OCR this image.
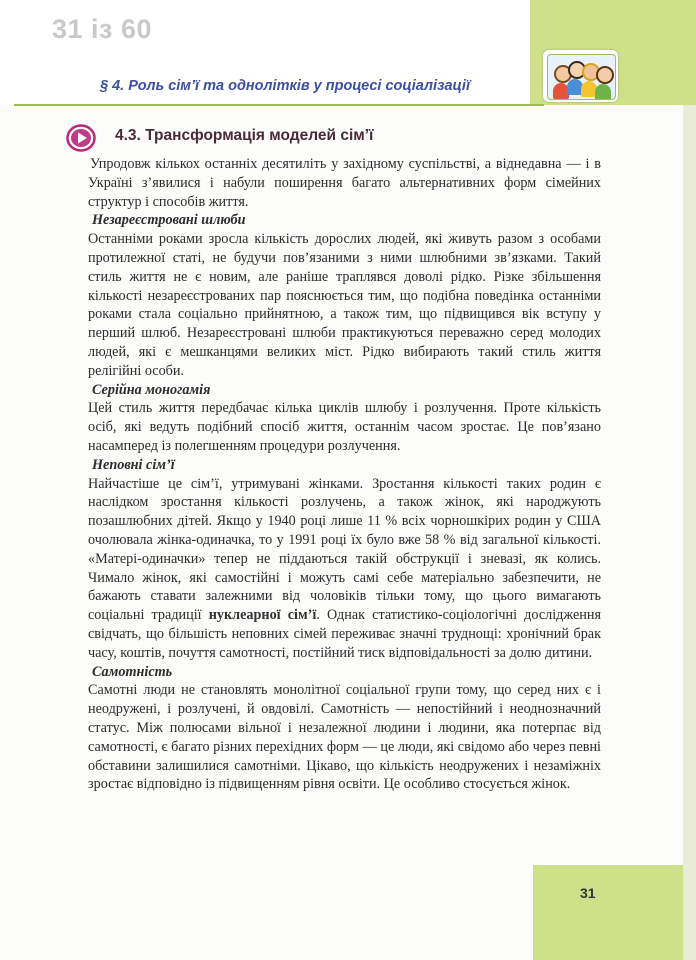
31 із 60
§ 4. Роль сім’ї та однолітків у процесі соціалізації
4.3. Трансформація моделей сім’ї

Упродовж кількох останніх десятиліть у західному суспільстві, а віднедавна — і в Україні з’явилися і набули поширення багато альтернативних форм сімейних структур і способів життя.

Незареєстровані шлюби

Останніми роками зросла кількість дорослих людей, які живуть разом з особами протилежної статі, не будучи пов’язаними з ними шлюбними зв’язками. Такий стиль життя не є новим, але раніше траплявся доволі рідко. Різке збільшення кількості незареєстрованих пар пояснюється тим, що подібна поведінка останніми роками стала соціально прийнятною, а також тим, що підвищився вік вступу у перший шлюб. Незареєстровані шлюби практикуються переважно серед молодих людей, які є мешканцями великих міст. Рідко вибирають такий стиль життя релігійні особи.

Серійна моногамія

Цей стиль життя передбачає кілька циклів шлюбу і розлучення. Проте кількість осіб, які ведуть подібний спосіб життя, останнім часом зростає. Це пов’язано насамперед із полегшенням процедури розлучення.

Неповні сім’ї

Найчастіше це сім’ї, утримувані жінками. Зростання кількості таких родин є наслідком зростання кількості розлучень, а також жінок, які народжують позашлюбних дітей. Якщо у 1940 році лише 11 % всіх чорношкірих родин у США очолювала жінка-одиначка, то у 1991 році їх було вже 58 % від загальної кількості. «Матері-одиначки» тепер не піддаються такій обструкції і зневазі, як колись. Чимало жінок, які самостійні і можуть самі себе матеріально забезпечити, не бажають ставати залежними від чоловіків тільки тому, що цього вимагають соціальні традиції нуклеарної сім’ї. Однак статистико-соціологічні дослідження свідчать, що більшість неповних сімей переживає значні труднощі: хронічний брак часу, коштів, почуття самотності, постійний тиск відповідальності за долю дитини.

Самотність

Самотні люди не становлять монолітної соціальної групи тому, що серед них є і неодружені, і розлучені, й овдовілі. Самотність — непостійний і неоднозначний статус. Між полюсами вільної і незалежної людини і людини, яка потерпає від самотності, є багато різних перехідних форм — це люди, які свідомо або через певні обставини залишилися самотніми. Цікаво, що кількість неодружених і незаміжніх зростає відповідно із підвищенням рівня освіти. Це особливо стосується жінок.

31
